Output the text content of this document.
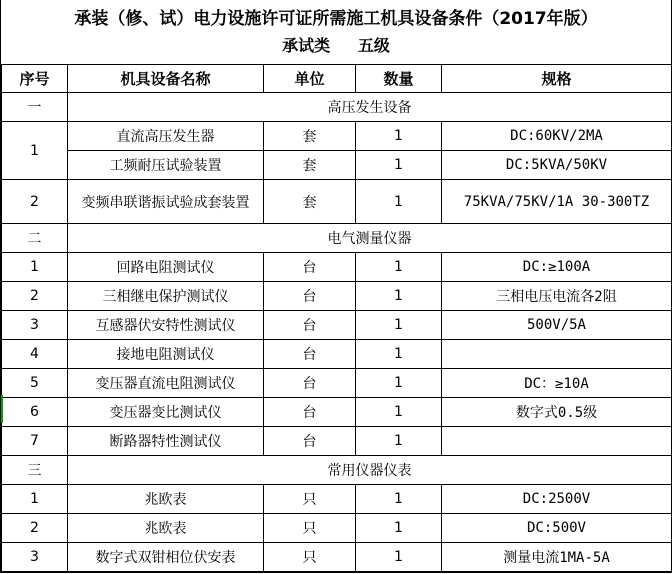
承装（修、试）电力设施许可证所需施工机具设备条件（2017年版）
承试类     五级
序号	机具设备名称	单位	数量	规格
一	高压发生设备			
1	直流高压发生器	套	1	DC:60KV/2MA
	工频耐压试验装置	套	1	DC:5KVA/50KV
2	变频串联谐振试验成套装置	套	1	75KVA/75KV/1A 30-300TZ
二	电气测量仪器			
1	回路电阻测试仪	台	1	DC:≥100A
2	三相继电保护测试仪	台	1	三相电压电流各2阻
3	互感器伏安特性测试仪	台	1	500V/5A
4	接地电阻测试仪	台	1	
5	变压器直流电阻测试仪	台	1	DC：≥10A
6	变压器变比测试仪	台	1	数字式0.5级
7	断路器特性测试仪	台	1	
三	常用仪器仪表			
1	兆欧表	只	1	DC:2500V
2	兆欧表	只	1	DC:500V
3	数字式双钳相位伏安表	只	1	测量电流1MA-5A
